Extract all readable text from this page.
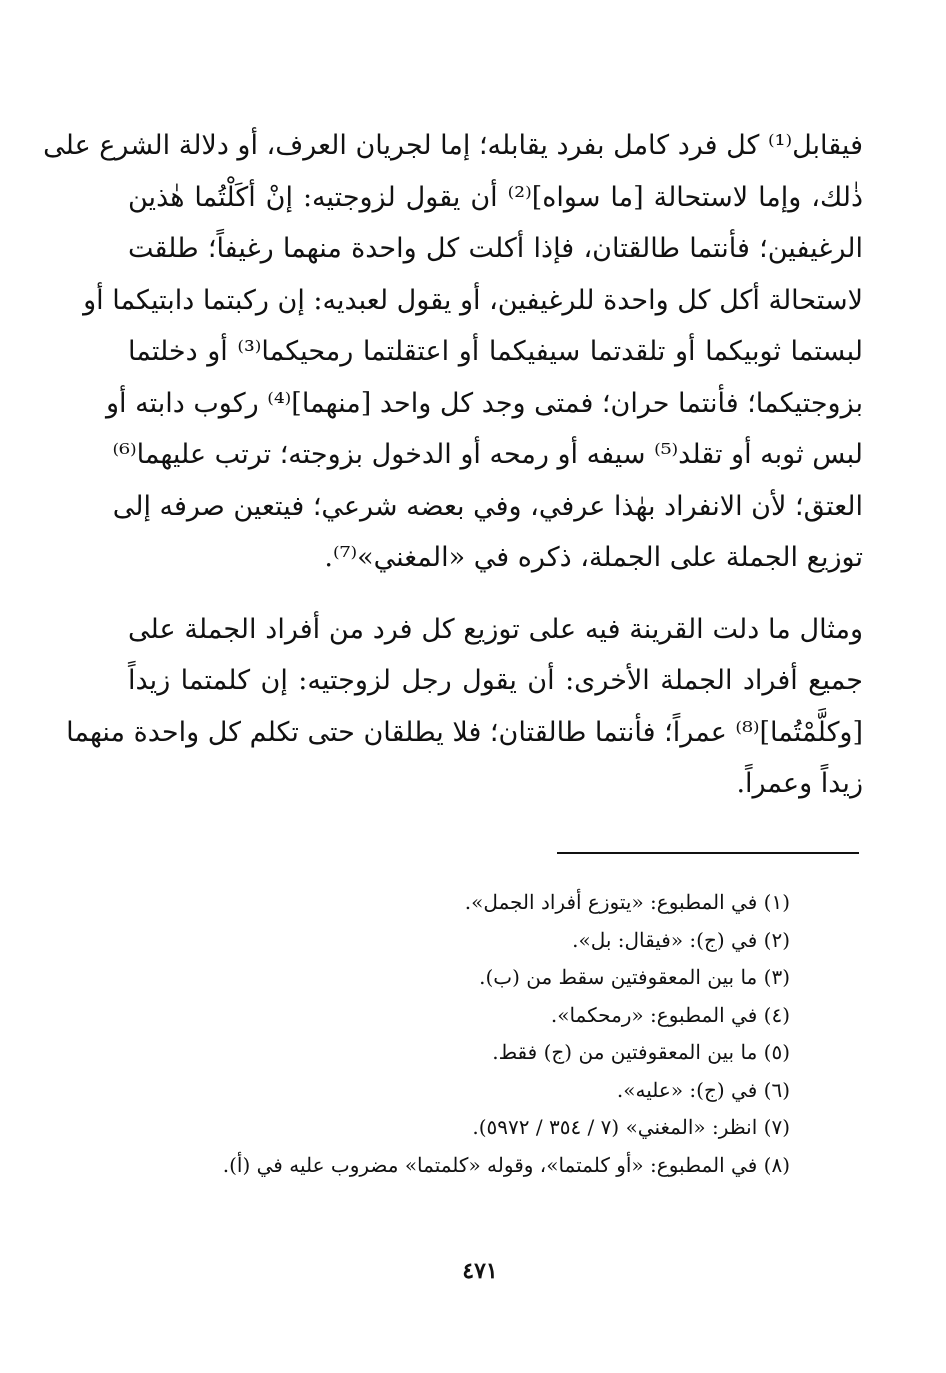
فيقابل⁽¹⁾ كل فرد كامل بفرد يقابله؛ إما لجريان العرف، أو دلالة الشرع على
ذٰلك، وإما لاستحالة [ما سواه]⁽²⁾ أن يقول لزوجتيه: إنْ أكَلْتُما هٰذين
الرغيفين؛ فأنتما طالقتان، فإذا أكلت كل واحدة منهما رغيفاً؛ طلقت
لاستحالة أكل كل واحدة للرغيفين، أو يقول لعبديه: إن ركبتما دابتيكما أو
لبستما ثوبيكما أو تلقدتما سيفيكما أو اعتقلتما رمحيكما⁽³⁾ أو دخلتما
بزوجتيكما؛ فأنتما حران؛ فمتى وجد كل واحد [منهما]⁽⁴⁾ ركوب دابته أو
لبس ثوبه أو تقلد⁽⁵⁾ سيفه أو رمحه أو الدخول بزوجته؛ ترتب عليهما⁽⁶⁾
العتق؛ لأن الانفراد بهٰذا عرفي، وفي بعضه شرعي؛ فيتعين صرفه إلى
توزيع الجملة على الجملة، ذكره في «المغني»⁽⁷⁾.
ومثال ما دلت القرينة فيه على توزيع كل فرد من أفراد الجملة على
جميع أفراد الجملة الأخرى: أن يقول رجل لزوجتيه: إن كلمتما زيداً
[وكلَّمْتُما]⁽⁸⁾ عمراً؛ فأنتما طالقتان؛ فلا يطلقان حتى تكلم كل واحدة منهما
زيداً وعمراً.
(١) في المطبوع: «يتوزع أفراد الجمل».
(٢) في (ج): «فيقال: بل».
(٣) ما بين المعقوفتين سقط من (ب).
(٤) في المطبوع: «رمحكما».
(٥) ما بين المعقوفتين من (ج) فقط.
(٦) في (ج): «عليه».
(٧) انظر: «المغني» (٧ / ٣٥٤ / ٥٩٧٢).
(٨) في المطبوع: «أو كلمتما»، وقوله «كلمتما» مضروب عليه في (أ).
٤٧١
